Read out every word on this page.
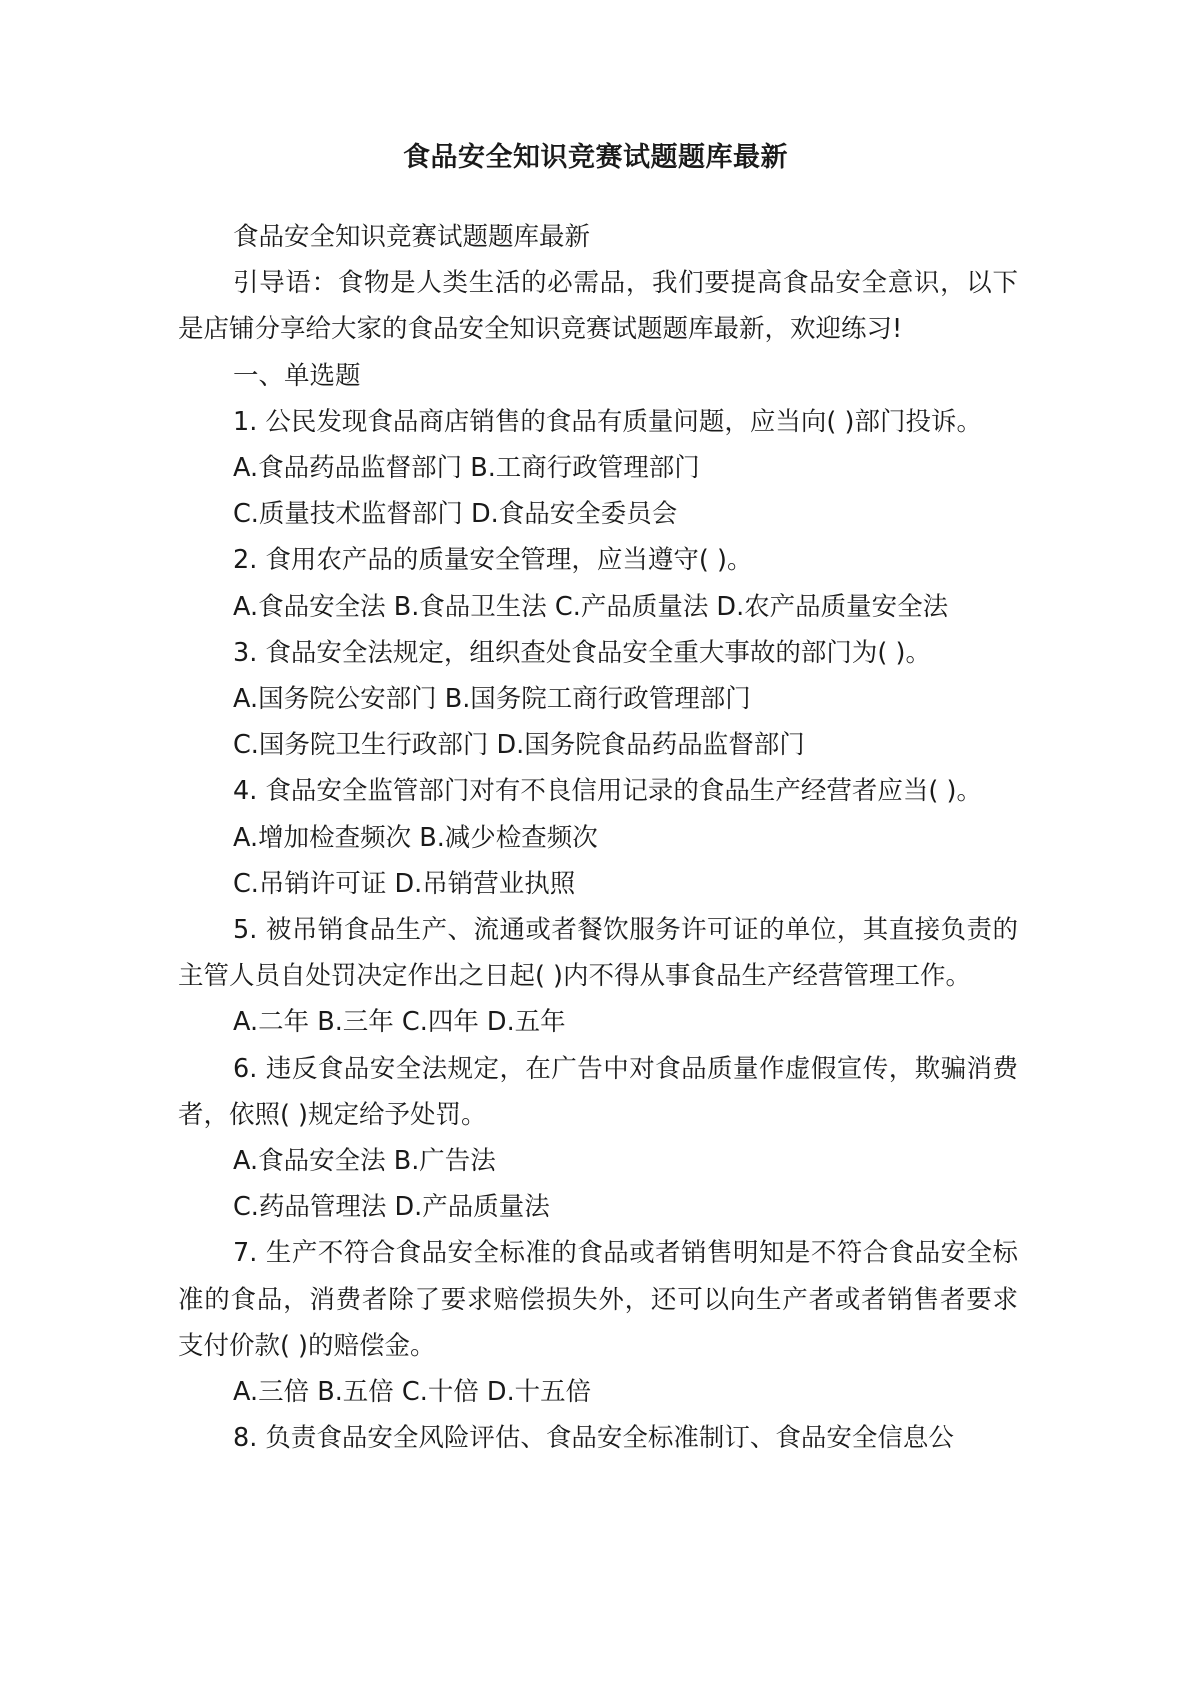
食品安全知识竞赛试题题库最新

食品安全知识竞赛试题题库最新

引导语：食物是人类生活的必需品，我们要提高食品安全意识，以下是店铺分享给大家的食品安全知识竞赛试题题库最新，欢迎练习!

一、单选题

1. 公民发现食品商店销售的食品有质量问题，应当向( )部门投诉。

A.食品药品监督部门 B.工商行政管理部门

C.质量技术监督部门 D.食品安全委员会

2. 食用农产品的质量安全管理，应当遵守( )。

A.食品安全法 B.食品卫生法 C.产品质量法 D.农产品质量安全法

3. 食品安全法规定，组织查处食品安全重大事故的部门为( )。

A.国务院公安部门 B.国务院工商行政管理部门

C.国务院卫生行政部门 D.国务院食品药品监督部门

4. 食品安全监管部门对有不良信用记录的食品生产经营者应当( )。

A.增加检查频次 B.减少检查频次

C.吊销许可证 D.吊销营业执照

5. 被吊销食品生产、流通或者餐饮服务许可证的单位，其直接负责的主管人员自处罚决定作出之日起( )内不得从事食品生产经营管理工作。

A.二年 B.三年 C.四年 D.五年

6. 违反食品安全法规定，在广告中对食品质量作虚假宣传，欺骗消费者，依照( )规定给予处罚。

A.食品安全法 B.广告法

C.药品管理法 D.产品质量法

7. 生产不符合食品安全标准的食品或者销售明知是不符合食品安全标准的食品，消费者除了要求赔偿损失外，还可以向生产者或者销售者要求支付价款( )的赔偿金。

A.三倍 B.五倍 C.十倍 D.十五倍

8. 负责食品安全风险评估、食品安全标准制订、食品安全信息公
